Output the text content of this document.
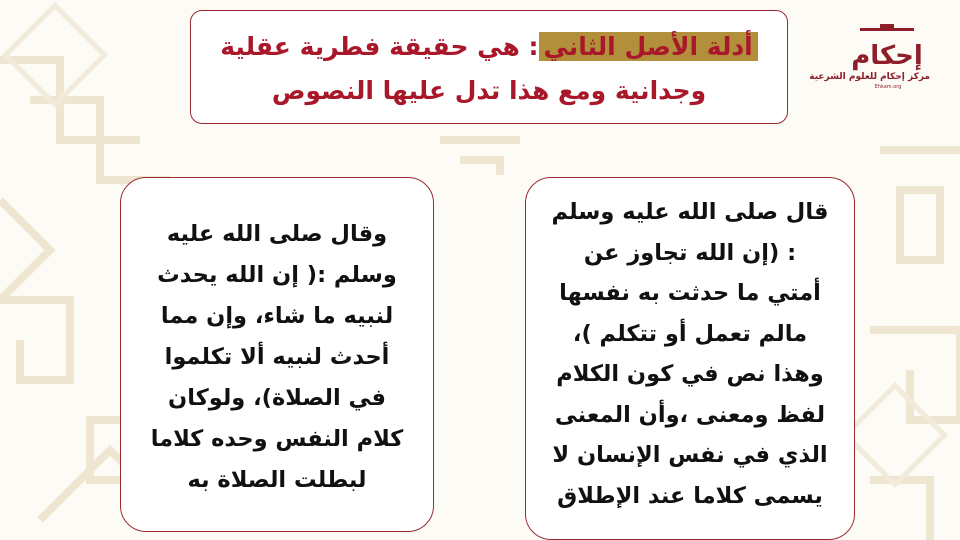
أدلة الأصل الثاني: هي حقيقة فطرية عقلية
وجدانية ومع هذا تدل عليها النصوص
قال صلى الله عليه وسلم
: (إن الله تجاوز عن
أمتي ما حدثت به نفسها
مالم تعمل أو تتكلم )،
وهذا نص في كون الكلام
لفظ ومعنى ،وأن المعنى
الذي في نفس الإنسان لا
يسمى كلاما عند الإطلاق
وقال صلى الله عليه
وسلم :( إن الله يحدث
لنبيه ما شاء، وإن مما
أحدث لنبيه ألا تكلموا
في الصلاة)، ولوكان
كلام النفس وحده كلاما
لبطلت الصلاة به
إحكام
مركز إحكام للعلوم الشرعية
Ehkam.org
